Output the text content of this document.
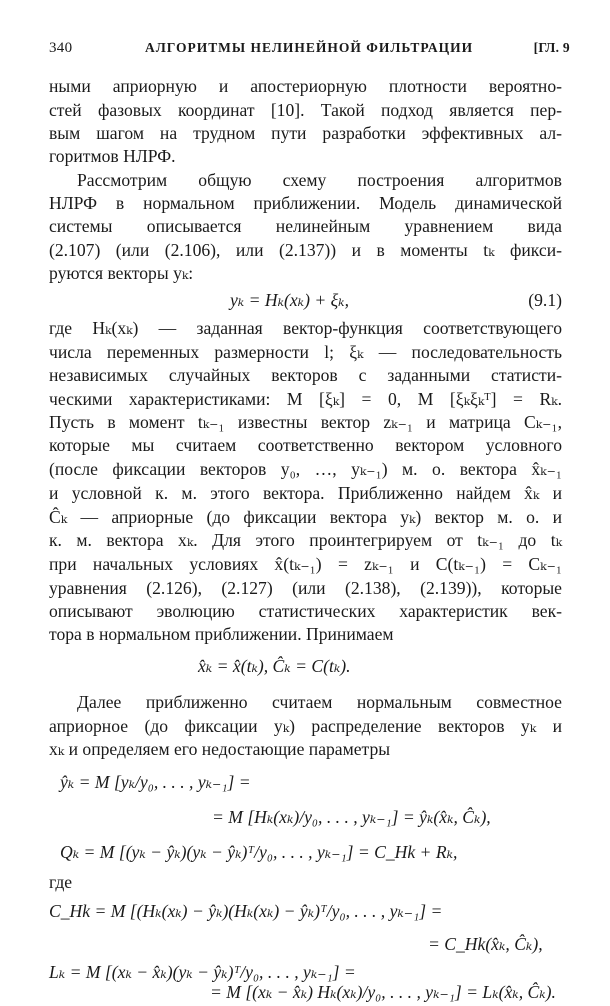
340	АЛГОРИТМЫ НЕЛИНЕЙНОЙ ФИЛЬТРАЦИИ	[ГЛ. 9
ными априорную и апостериорную плотности вероятно-
стей фазовых координат [10]. Такой подход является пер-
вым шагом на трудном пути разработки эффективных ал-
горитмов НЛРФ.
Рассмотрим общую схему построения алгоритмов
НЛРФ в нормальном приближении. Модель динамической
системы описывается нелинейным уравнением вида
(2.107) (или (2.106), или (2.137)) и в моменты tₖ фикси-
руются векторы yₖ:
yₖ = Hₖ(xₖ) + ξₖ,	(9.1)
где Hₖ(xₖ) — заданная вектор-функция соответствующего
числа переменных размерности l; ξₖ — последовательность
независимых случайных векторов с заданными статисти-
ческими характеристиками: M [ξₖ] = 0, M [ξₖξₖᵀ] = Rₖ.
Пусть в момент tₖ₋₁ известны вектор zₖ₋₁ и матрица Cₖ₋₁,
которые мы считаем соответственно вектором условного
(после фиксации векторов y₀, …, yₖ₋₁) м. о. вектора x̂ₖ₋₁
и условной к. м. этого вектора. Приближенно найдем x̂ₖ и
Ĉₖ — априорные (до фиксации вектора yₖ) вектор м. о. и
к. м. вектора xₖ. Для этого проинтегрируем от tₖ₋₁ до tₖ
при начальных условиях x̂(tₖ₋₁) = zₖ₋₁ и C(tₖ₋₁) = Cₖ₋₁
уравнения (2.126), (2.127) (или (2.138), (2.139)), которые
описывают эволюцию статистических характеристик век-
тора в нормальном приближении. Принимаем
x̂ₖ = x̂(tₖ), Ĉₖ = C(tₖ).
Далее приближенно считаем нормальным совместное
априорное (до фиксации yₖ) распределение векторов yₖ и
xₖ и определяем его недостающие параметры
ŷₖ = M [yₖ/y₀, . . . , yₖ₋₁] =
= M [Hₖ(xₖ)/y₀, . . . , yₖ₋₁] = ŷₖ(x̂ₖ, Ĉₖ),
Qₖ = M [(yₖ − ŷₖ)(yₖ − ŷₖ)ᵀ/y₀, . . . , yₖ₋₁] = C_Hk + Rₖ,
где
C_Hk = M [(Hₖ(xₖ) − ŷₖ)(Hₖ(xₖ) − ŷₖ)ᵀ/y₀, . . . , yₖ₋₁] =
= C_Hk(x̂ₖ, Ĉₖ),
Lₖ = M [(xₖ − x̂ₖ)(yₖ − ŷₖ)ᵀ/y₀, . . . , yₖ₋₁] =
= M [(xₖ − x̂ₖ) Hₖ(xₖ)/y₀, . . . , yₖ₋₁] = Lₖ(x̂ₖ, Ĉₖ).
